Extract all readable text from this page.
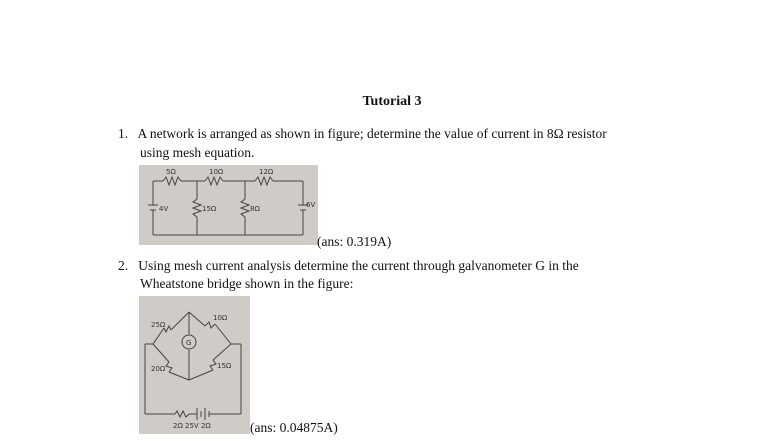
Tutorial 3
1. A network is arranged as shown in figure; determine the value of current in 8Ω resistor
using mesh equation.
5Ω	10Ω	12Ω
4V	15Ω	8Ω	6V
(ans: 0.319A)
2. Using mesh current analysis determine the current through galvanometer G in the
Wheatstone bridge shown in the figure:
G
25Ω
10Ω
20Ω	15Ω
2Ω 25V 2Ω	(ans: 0.04875A)
